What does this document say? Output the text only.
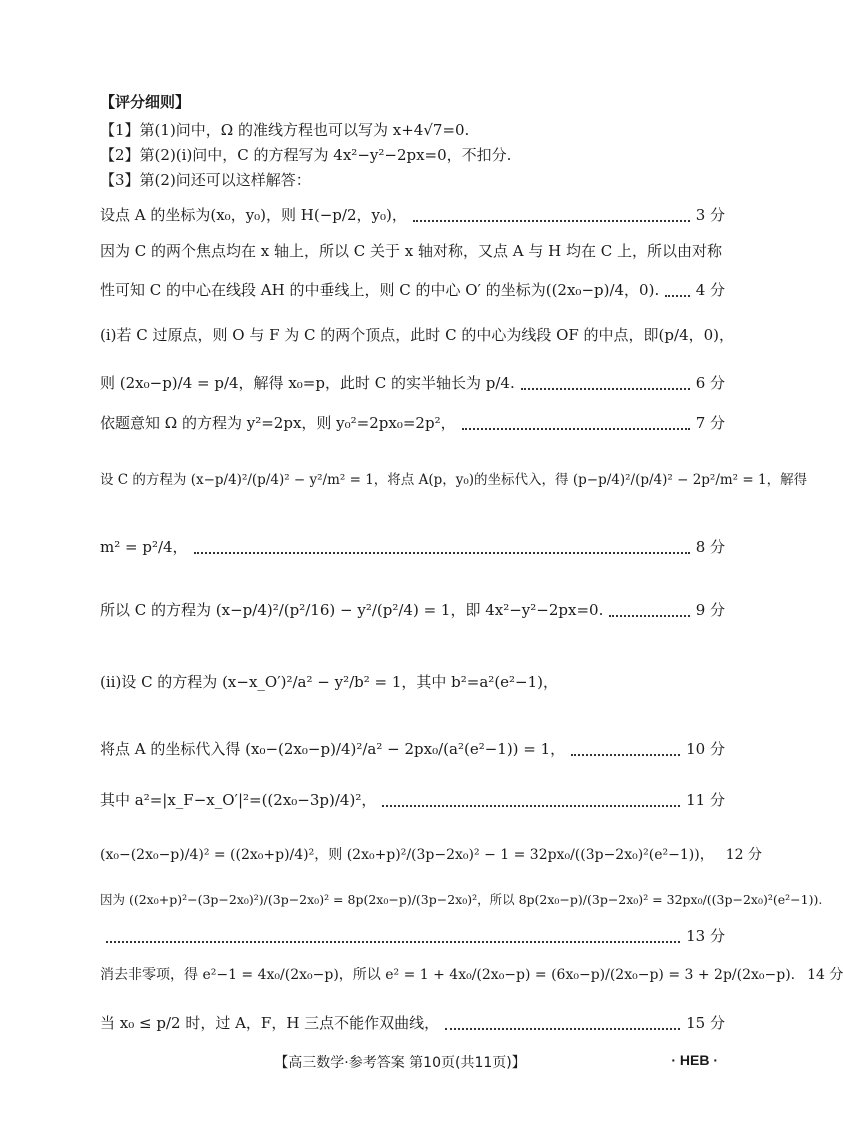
【评分细则】
【1】第(1)问中，Ω 的准线方程也可以写为 x+4√7=0.
【2】第(2)(ⅰ)问中，C 的方程写为 4x²−y²−2px=0，不扣分.
【3】第(2)问还可以这样解答：
设点 A 的坐标为(x₀，y₀)，则 H(−p/2，y₀)，	3 分
因为 C 的两个焦点均在 x 轴上，所以 C 关于 x 轴对称，又点 A 与 H 均在 C 上，所以由对称
性可知 C 的中心在线段 AH 的中垂线上，则 C 的中心 O′ 的坐标为((2x₀−p)/4，0). 4 分
(ⅰ)若 C 过原点，则 O 与 F 为 C 的两个顶点，此时 C 的中心为线段 OF 的中点，即(p/4，0)，
则 (2x₀−p)/4 = p/4，解得 x₀=p，此时 C 的实半轴长为 p/4.	6 分
依题意知 Ω 的方程为 y²=2px，则 y₀²=2px₀=2p²，	7 分
设 C 的方程为 (x−p/4)²/(p/4)² − y²/m² = 1，将点 A(p，y₀)的坐标代入，得 (p−p/4)²/(p/4)² − 2p²/m² = 1，解得
m² = p²/4，	8 分
所以 C 的方程为 (x−p/4)²/(p²/16) − y²/(p²/4) = 1，即 4x²−y²−2px=0.	9 分
(ⅱ)设 C 的方程为 (x−x_O′)²/a² − y²/b² = 1，其中 b²=a²(e²−1)，
将点 A 的坐标代入得 (x₀−(2x₀−p)/4)²/a² − 2px₀/(a²(e²−1)) = 1，	10 分
其中 a²=|x_F−x_O′|²=((2x₀−3p)/4)²，	11 分
(x₀−(2x₀−p)/4)² = ((2x₀+p)/4)²，则 (2x₀+p)²/(3p−2x₀)² − 1 = 32px₀/((3p−2x₀)²(e²−1))， 12 分
因为 ((2x₀+p)²−(3p−2x₀)²)/(3p−2x₀)² = 8p(2x₀−p)/(3p−2x₀)²，所以 8p(2x₀−p)/(3p−2x₀)² = 32px₀/((3p−2x₀)²(e²−1)).
13 分
消去非零项，得 e²−1 = 4x₀/(2x₀−p)，所以 e² = 1 + 4x₀/(2x₀−p) = (6x₀−p)/(2x₀−p) = 3 + 2p/(2x₀−p). 14 分
当 x₀ ≤ p/2 时，过 A，F，H 三点不能作双曲线，	15 分
【高三数学·参考答案 第10页(共11页)】	· HEB ·
